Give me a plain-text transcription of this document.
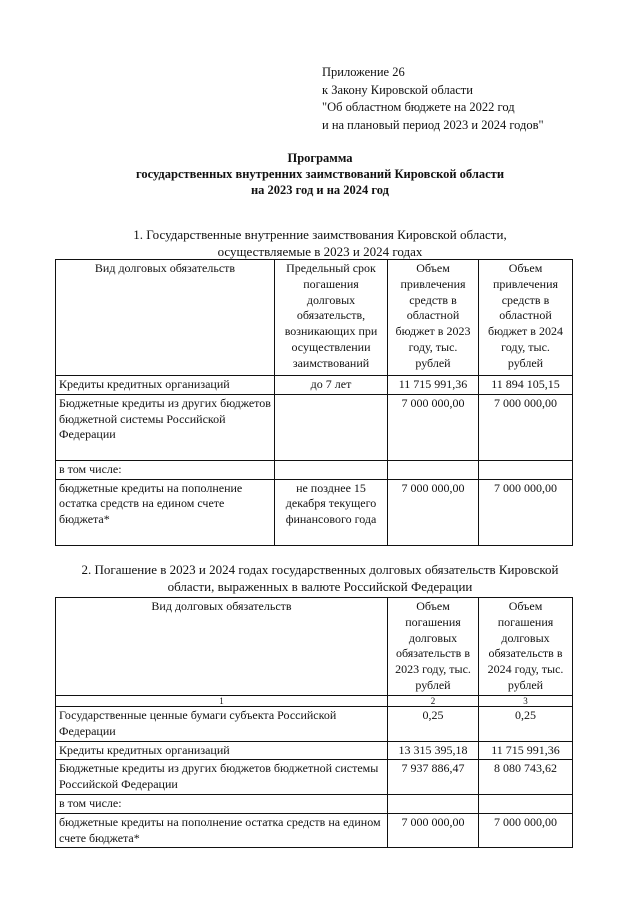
Приложение 26
к Закону Кировской области
"Об областном бюджете на 2022 год
и на плановый период 2023 и 2024 годов"
Программа
государственных внутренних заимствований Кировской области
на 2023 год и на 2024 год
1. Государственные внутренние заимствования Кировской области,
осуществляемые в 2023 и 2024 годах
Вид долговых обязательств	Предельный срок погашения долговых обязательств, возникающих при осуществлении заимствований	Объем привлечения средств в областной бюджет в 2023 году, тыс. рублей	Объем привлечения средств в областной бюджет в 2024 году, тыс. рублей
Кредиты кредитных организаций	до 7 лет	11 715 991,36	11 894 105,15
Бюджетные кредиты из других бюджетов бюджетной системы Российской Федерации		7 000 000,00	7 000 000,00
в том числе:			
бюджетные кредиты на пополнение остатка средств на едином счете бюджета*	не позднее 15 декабря текущего финансового года	7 000 000,00	7 000 000,00
2. Погашение в 2023 и 2024 годах государственных долговых обязательств Кировской
области, выраженных в валюте Российской Федерации
Вид долговых обязательств	Объем погашения долговых обязательств в 2023 году, тыс. рублей	Объем погашения долговых обязательств в 2024 году, тыс. рублей
1	2	3
Государственные ценные бумаги субъекта Российской Федерации	0,25	0,25
Кредиты кредитных организаций	13 315 395,18	11 715 991,36
Бюджетные кредиты из других бюджетов бюджетной системы Российской Федерации	7 937 886,47	8 080 743,62
в том числе:		
бюджетные кредиты на пополнение остатка средств на едином счете бюджета*	7 000 000,00	7 000 000,00
